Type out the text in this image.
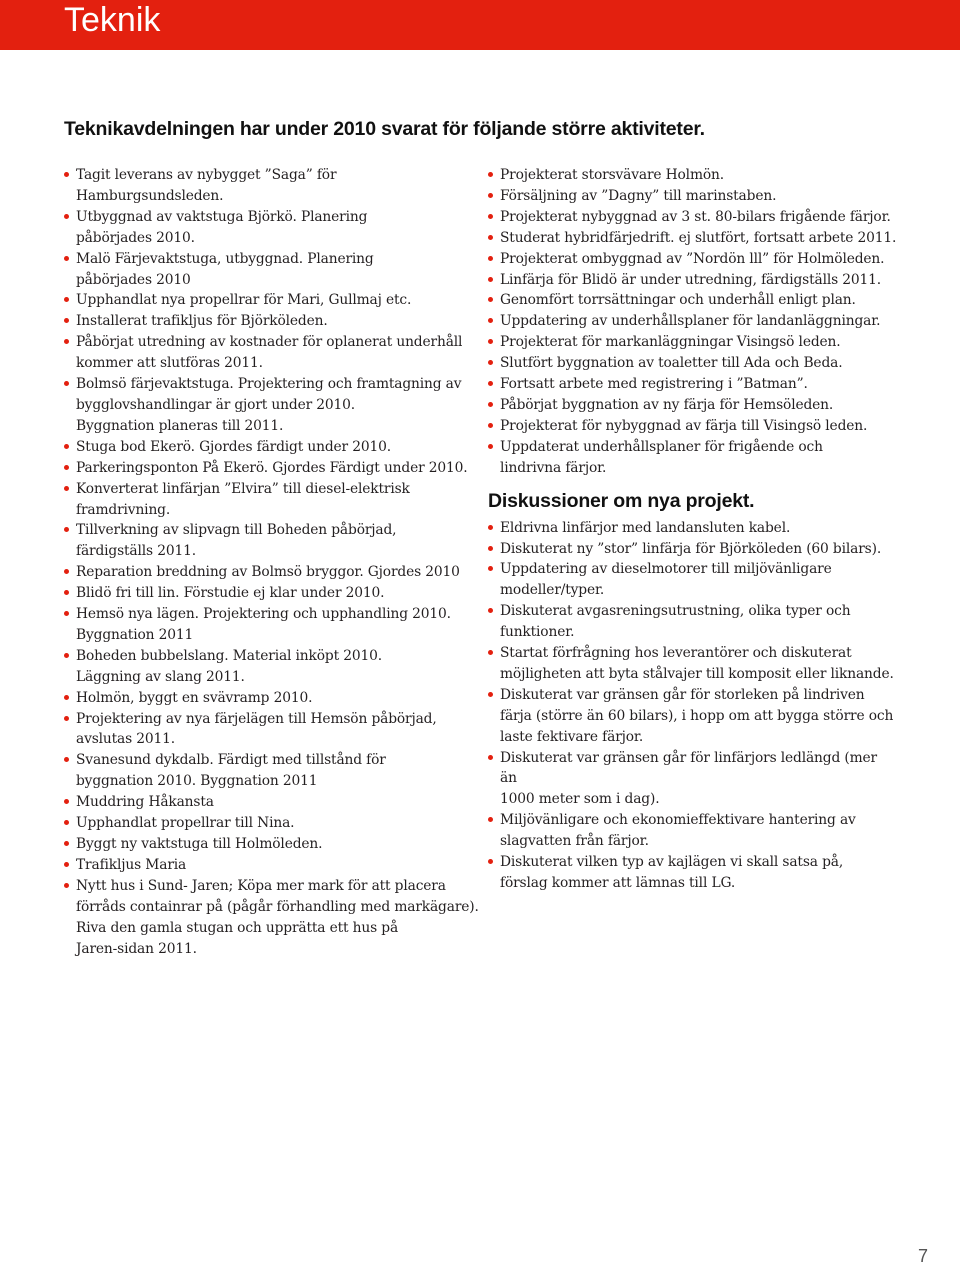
Teknik
Teknikavdelningen har under 2010 svarat för följande större aktiviteter.
Tagit leverans av nybygget ”Saga” för
Hamburgsundsleden.
Utbyggnad av vaktstuga Björkö. Planering
påbörjades 2010.
Malö Färjevaktstuga, utbyggnad. Planering
påbörjades 2010
Upphandlat nya propellrar för Mari, Gullmaj etc.
Installerat trafikljus för Björköleden.
Påbörjat utredning av kostnader för oplanerat underhåll
kommer att slutföras 2011.
Bolmsö färjevaktstuga. Projektering och framtagning av
bygglovshandlingar är gjort under 2010.
Byggnation planeras till 2011.
Stuga bod Ekerö. Gjordes färdigt under 2010.
Parkeringsponton På Ekerö. Gjordes Färdigt under 2010.
Konverterat linfärjan ”Elvira” till diesel-elektrisk
framdrivning.
Tillverkning av slipvagn till Boheden påbörjad,
färdigställs 2011.
Reparation breddning av Bolmsö bryggor. Gjordes 2010
Blidö fri till lin. Förstudie ej klar under 2010.
Hemsö nya lägen. Projektering och upphandling 2010.
Byggnation 2011
Boheden bubbelslang. Material inköpt 2010.
Läggning av slang 2011.
Holmön, byggt en svävramp 2010.
Projektering av nya färjelägen till Hemsön påbörjad,
avslutas 2011.
Svanesund dykdalb. Färdigt med tillstånd för
byggnation 2010. Byggnation 2011
Muddring Håkansta
Upphandlat propellrar till Nina.
Byggt ny vaktstuga till Holmöleden.
Trafikljus Maria
Nytt hus i Sund- Jaren; Köpa mer mark för att placera
förråds containrar på (pågår förhandling med markägare).
Riva den gamla stugan och upprätta ett hus på
Jaren-sidan 2011.
Projekterat storsvävare Holmön.
Försäljning av ”Dagny” till marinstaben.
Projekterat nybyggnad av 3 st. 80-bilars frigående färjor.
Studerat hybridfärjedrift. ej slutfört, fortsatt arbete 2011.
Projekterat ombyggnad av ”Nordön lll” för Holmöleden.
Linfärja för Blidö är under utredning, färdigställs 2011.
Genomfört torrsättningar och underhåll enligt plan.
Uppdatering av underhållsplaner för landanläggningar.
Projekterat för markanläggningar Visingsö leden.
Slutfört byggnation av toaletter till Ada och Beda.
Fortsatt arbete med registrering i ”Batman”.
Påbörjat byggnation av ny färja för Hemsöleden.
Projekterat för nybyggnad av färja till Visingsö leden.
Uppdaterat underhållsplaner för frigående och
lindrivna färjor.
Diskussioner om nya projekt.
Eldrivna linfärjor med landansluten kabel.
Diskuterat ny ”stor” linfärja för Björköleden (60 bilars).
Uppdatering av dieselmotorer till miljövänligare
modeller/typer.
Diskuterat avgasreningsutrustning, olika typer och
funktioner.
Startat förfrågning hos leverantörer och diskuterat
möjligheten att byta stålvajer till komposit eller liknande.
Diskuterat var gränsen går för storleken på lindriven
färja (större än 60 bilars), i hopp om att bygga större och
laste fektivare färjor.
Diskuterat var gränsen går för linfärjors ledlängd (mer än
1000 meter som i dag).
Miljövänligare och ekonomieffektivare hantering av
slagvatten från färjor.
Diskuterat vilken typ av kajlägen vi skall satsa på,
förslag kommer att lämnas till LG.
7
